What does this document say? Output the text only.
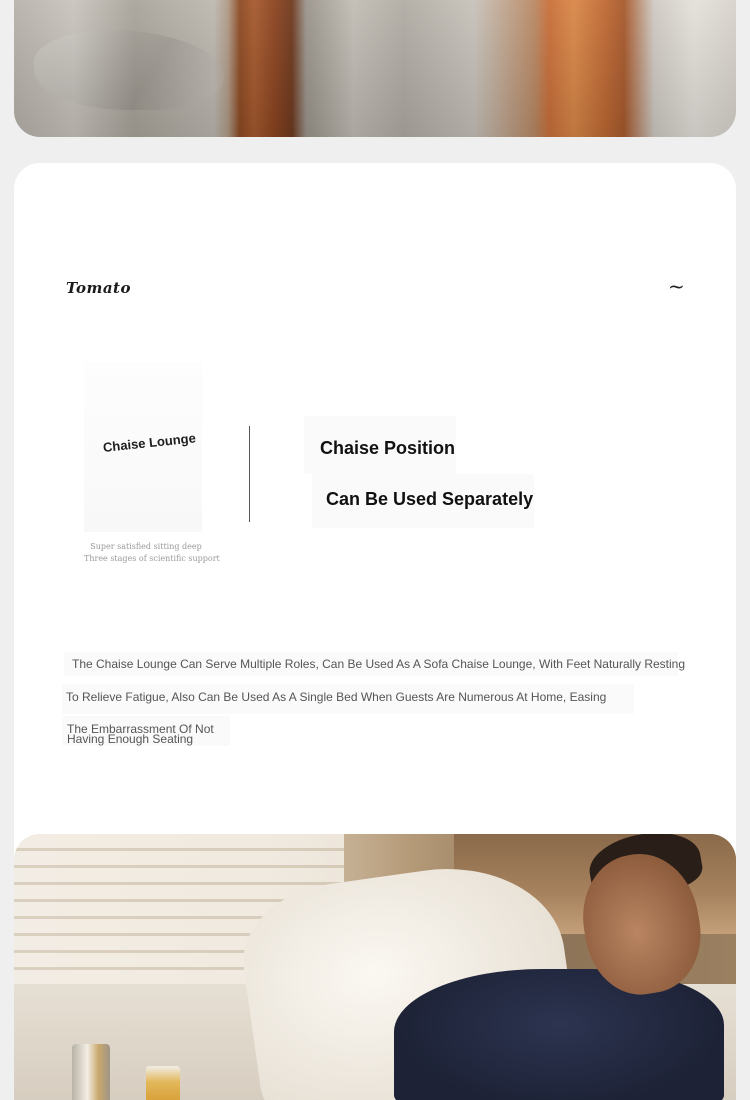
Tomato	~
Chaise Lounge
Super satisfied sitting deep
Three stages of scientific support
Chaise Position
Can Be Used Separately
The Chaise Lounge Can Serve Multiple Roles, Can Be Used As A Sofa Chaise Lounge, With Feet Naturally Resting
To Relieve Fatigue, Also Can Be Used As A Single Bed When Guests Are Numerous At Home, Easing
The Embarrassment Of Not
Having Enough Seating
